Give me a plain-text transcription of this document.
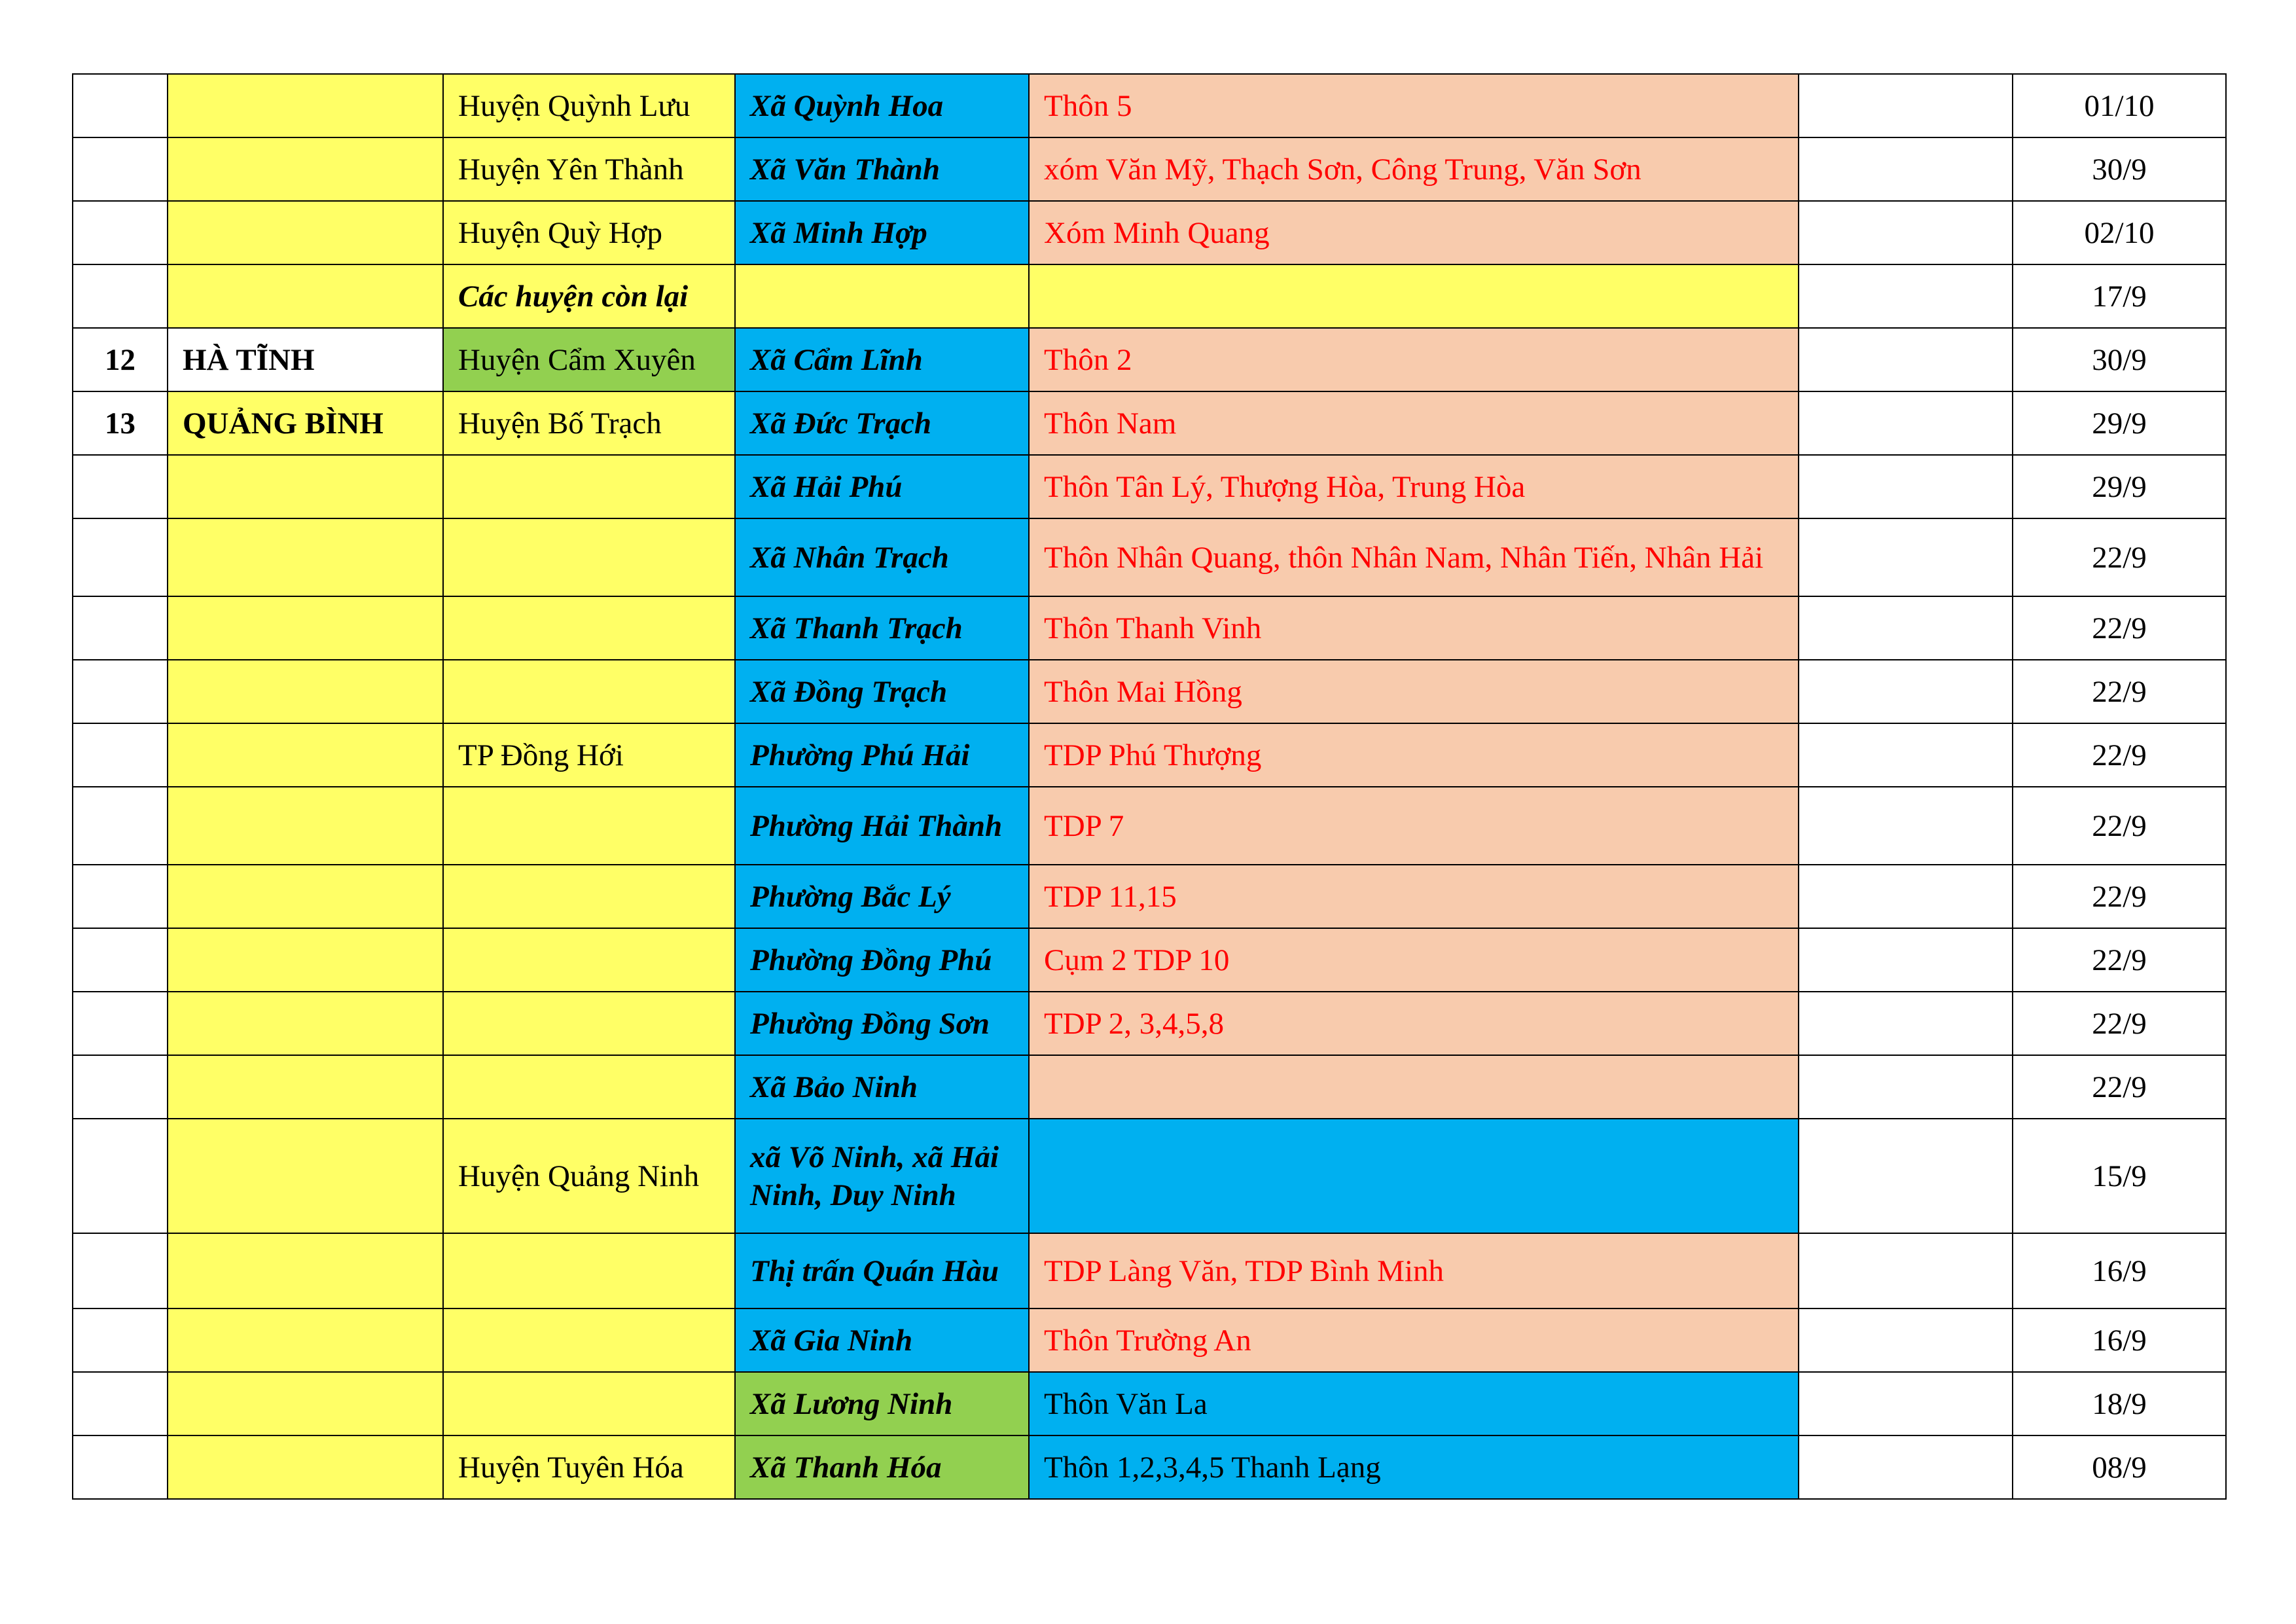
		Huyện Quỳnh Lưu	Xã Quỳnh Hoa	Thôn 5		01/10
		Huyện Yên Thành	Xã Văn Thành	xóm Văn Mỹ, Thạch Sơn, Công Trung, Văn Sơn		30/9
		Huyện Quỳ Hợp	Xã Minh Hợp	Xóm Minh Quang		02/10
		Các huyện còn lại				17/9
12	HÀ TĨNH	Huyện Cẩm Xuyên	Xã Cẩm Lĩnh	Thôn 2		30/9
13	QUẢNG BÌNH	Huyện Bố Trạch	Xã Đức Trạch	Thôn Nam		29/9
			Xã Hải Phú	Thôn Tân Lý, Thượng Hòa, Trung Hòa		29/9
			Xã Nhân Trạch	Thôn Nhân Quang, thôn Nhân Nam, Nhân Tiến, Nhân Hải		22/9
			Xã Thanh Trạch	Thôn Thanh Vinh		22/9
			Xã Đồng Trạch	Thôn Mai Hồng		22/9
		TP Đồng Hới	Phường Phú Hải	TDP Phú Thượng		22/9
			Phường Hải Thành	TDP 7		22/9
			Phường Bắc Lý	TDP 11,15		22/9
			Phường Đồng Phú	Cụm 2 TDP 10		22/9
			Phường Đồng Sơn	TDP 2, 3,4,5,8		22/9
			Xã Bảo Ninh			22/9
		Huyện Quảng Ninh	xã Võ Ninh, xã Hải Ninh, Duy Ninh			15/9
			Thị trấn Quán Hàu	TDP Làng Văn, TDP Bình Minh		16/9
			Xã Gia Ninh	Thôn Trường An		16/9
			Xã Lương Ninh	Thôn Văn La		18/9
		Huyện Tuyên Hóa	Xã Thanh Hóa	Thôn 1,2,3,4,5 Thanh Lạng		08/9
